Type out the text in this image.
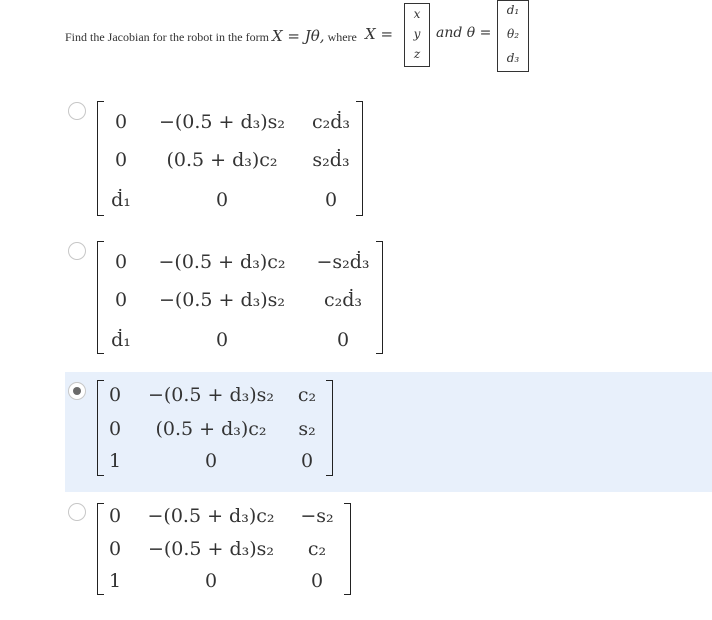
Find the Jacobian for the robot in the form X = Jθ, where X =
x
y
z
and θ =
d₁
θ₂
d₃
0	−(0.5 + d₃)s₂	c₂ḋ₃
0	(0.5 + d₃)c₂	s₂ḋ₃
ḋ₁	0	0
0	−(0.5 + d₃)c₂	−s₂ḋ₃
0	−(0.5 + d₃)s₂	c₂ḋ₃
ḋ₁	0	0
0	−(0.5 + d₃)s₂	c₂
0	(0.5 + d₃)c₂	s₂
1	0	0
0	−(0.5 + d₃)c₂	−s₂
0	−(0.5 + d₃)s₂	c₂
1	0	0
